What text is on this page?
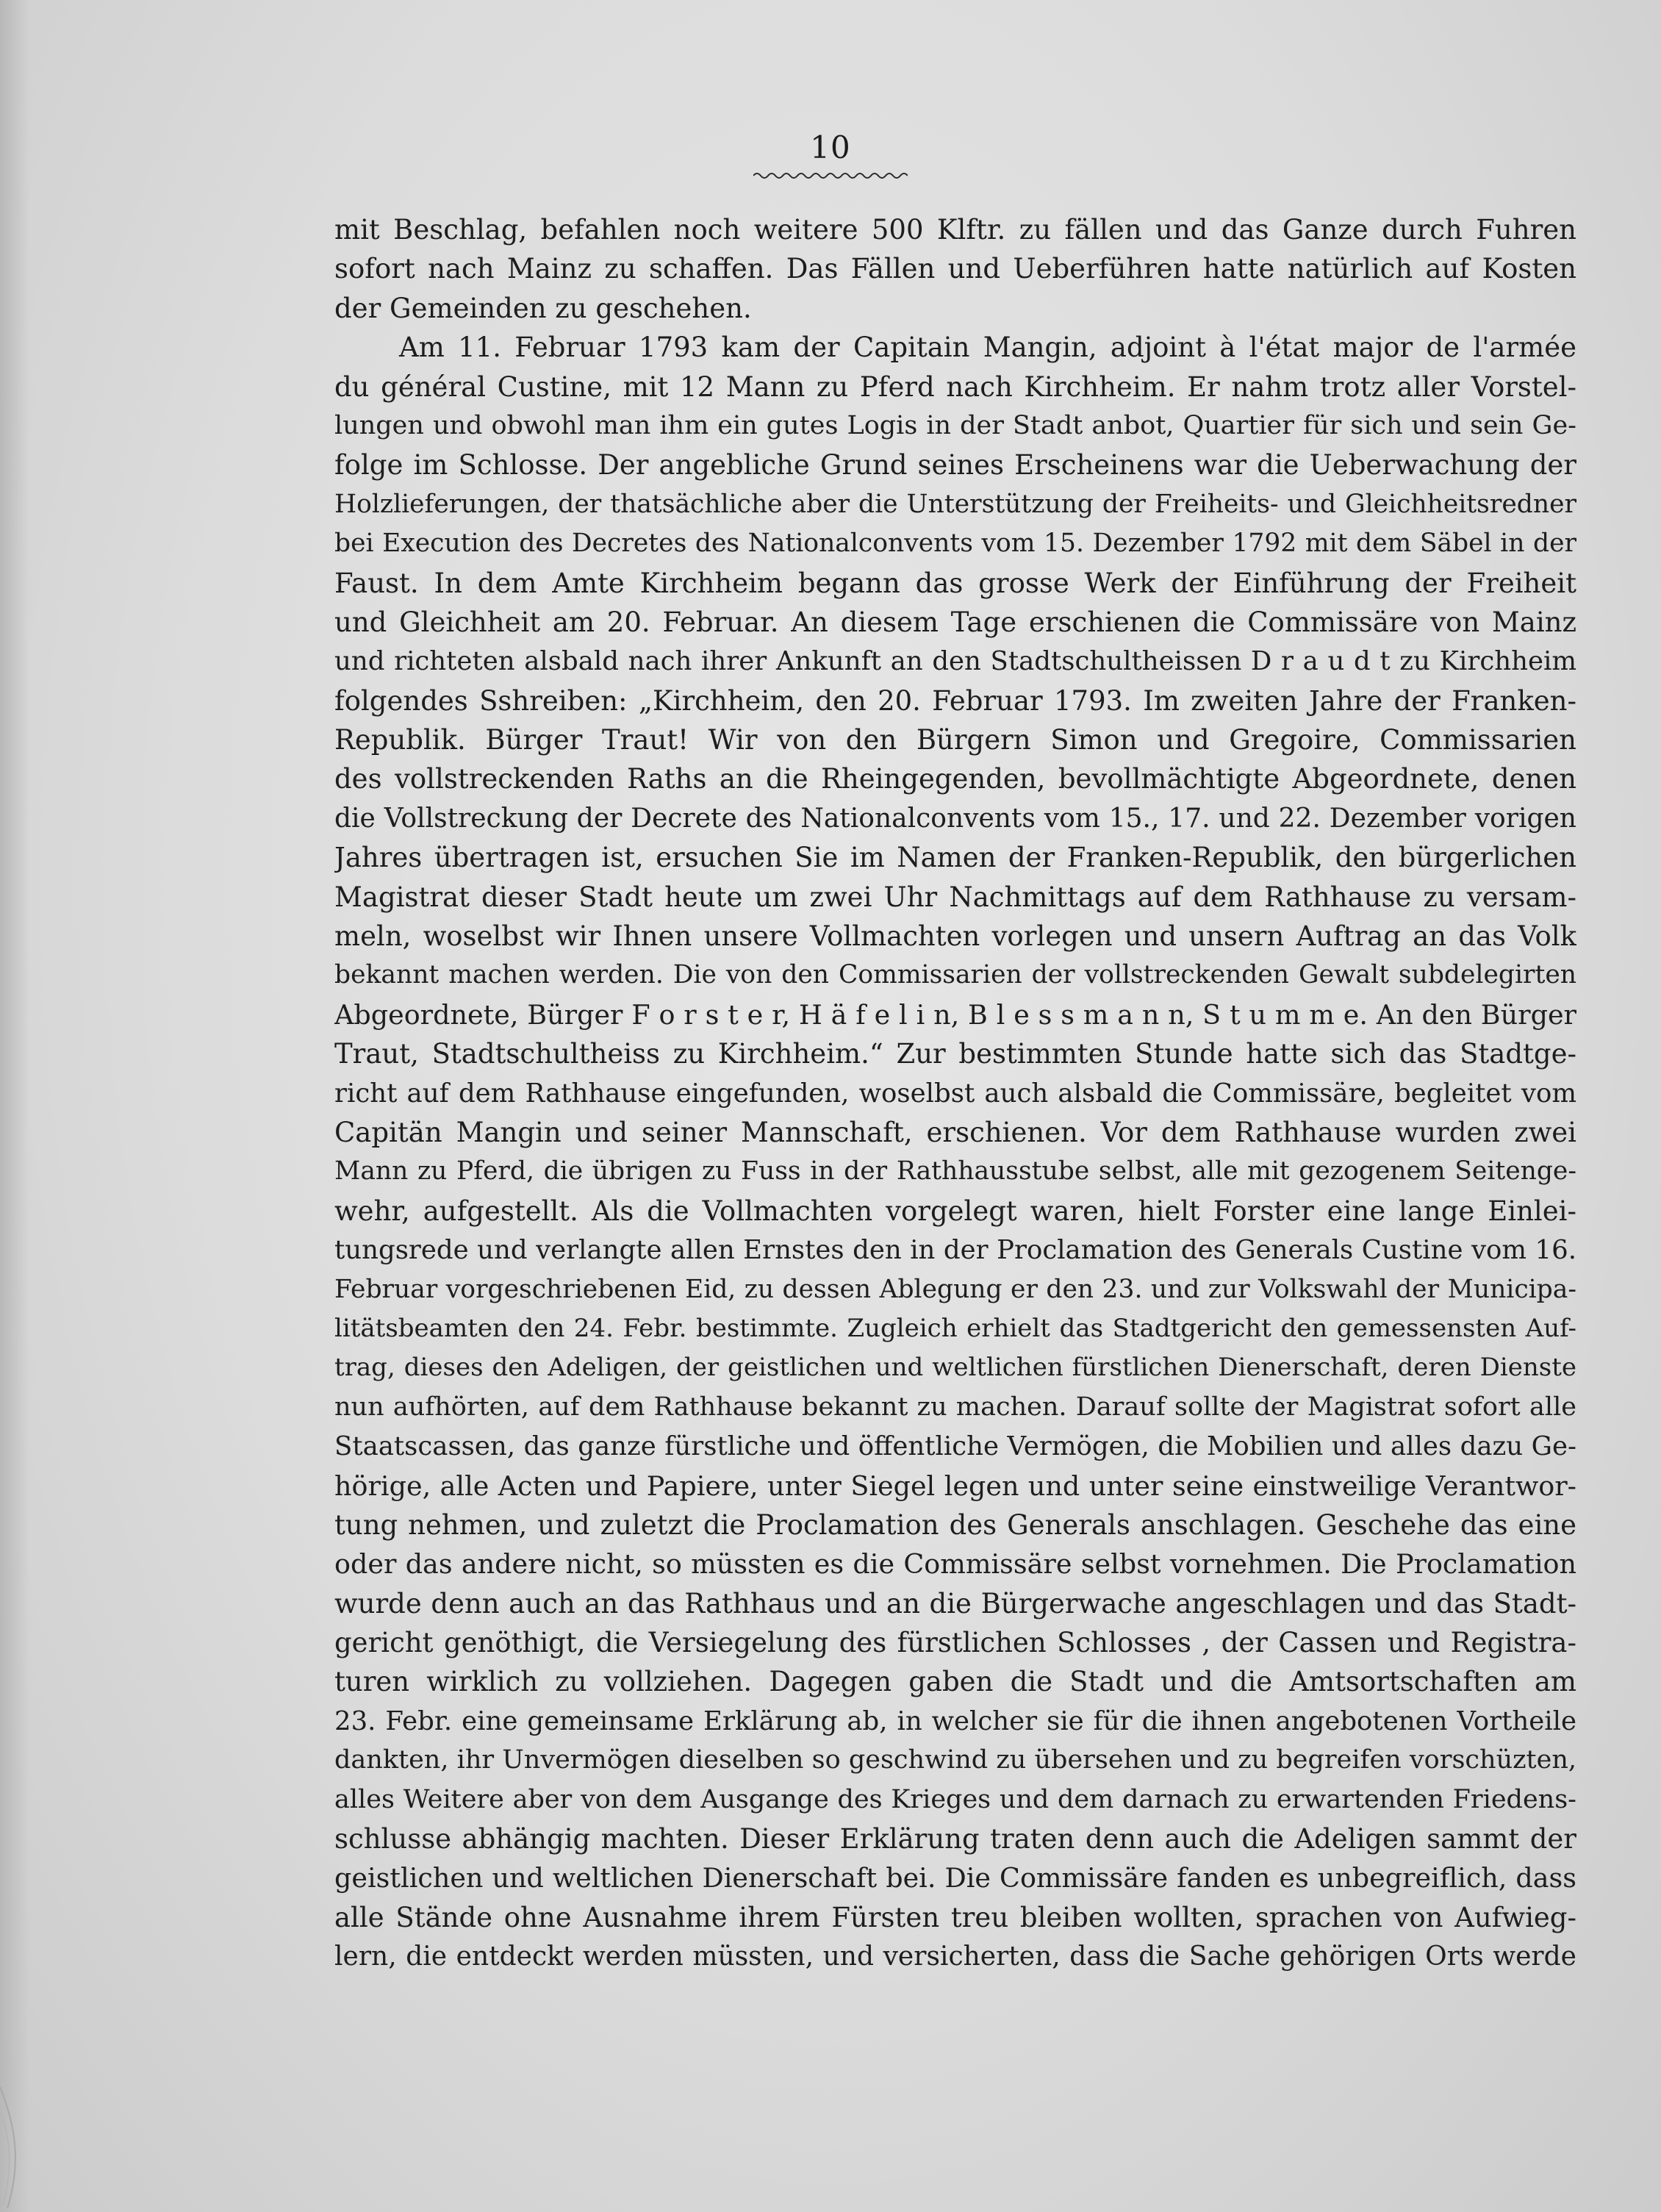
10
mit Beschlag, befahlen noch weitere 500 Klftr. zu fällen und das Ganze durch Fuhren
sofort nach Mainz zu schaffen. Das Fällen und Ueberführen hatte natürlich auf Kosten
der Gemeinden zu geschehen.
Am 11. Februar 1793 kam der Capitain Mangin, adjoint à l'état major de l'armée
du général Custine, mit 12 Mann zu Pferd nach Kirchheim. Er nahm trotz aller Vorstel-
lungen und obwohl man ihm ein gutes Logis in der Stadt anbot, Quartier für sich und sein Ge-
folge im Schlosse. Der angebliche Grund seines Erscheinens war die Ueberwachung der
Holzlieferungen, der thatsächliche aber die Unterstützung der Freiheits- und Gleichheitsredner
bei Execution des Decretes des Nationalconvents vom 15. Dezember 1792 mit dem Säbel in der
Faust. In dem Amte Kirchheim begann das grosse Werk der Einführung der Freiheit
und Gleichheit am 20. Februar. An diesem Tage erschienen die Commissäre von Mainz
und richteten alsbald nach ihrer Ankunft an den Stadtschultheissen D r a u d t zu Kirchheim
folgendes Sshreiben: „Kirchheim, den 20. Februar 1793. Im zweiten Jahre der Franken-
Republik. Bürger Traut! Wir von den Bürgern Simon und Gregoire, Commissarien
des vollstreckenden Raths an die Rheingegenden, bevollmächtigte Abgeordnete, denen
die Vollstreckung der Decrete des Nationalconvents vom 15., 17. und 22. Dezember vorigen
Jahres übertragen ist, ersuchen Sie im Namen der Franken-Republik, den bürgerlichen
Magistrat dieser Stadt heute um zwei Uhr Nachmittags auf dem Rathhause zu versam-
meln, woselbst wir Ihnen unsere Vollmachten vorlegen und unsern Auftrag an das Volk
bekannt machen werden. Die von den Commissarien der vollstreckenden Gewalt subdelegirten
Abgeordnete, Bürger F o r s t e r, H ä f e l i n, B l e s s m a n n, S t u m m e. An den Bürger
Traut, Stadtschultheiss zu Kirchheim.“ Zur bestimmten Stunde hatte sich das Stadtge-
richt auf dem Rathhause eingefunden, woselbst auch alsbald die Commissäre, begleitet vom
Capitän Mangin und seiner Mannschaft, erschienen. Vor dem Rathhause wurden zwei
Mann zu Pferd, die übrigen zu Fuss in der Rathhausstube selbst, alle mit gezogenem Seitenge-
wehr, aufgestellt. Als die Vollmachten vorgelegt waren, hielt Forster eine lange Einlei-
tungsrede und verlangte allen Ernstes den in der Proclamation des Generals Custine vom 16.
Februar vorgeschriebenen Eid, zu dessen Ablegung er den 23. und zur Volkswahl der Municipa-
litätsbeamten den 24. Febr. bestimmte. Zugleich erhielt das Stadtgericht den gemessensten Auf-
trag, dieses den Adeligen, der geistlichen und weltlichen fürstlichen Dienerschaft, deren Dienste
nun aufhörten, auf dem Rathhause bekannt zu machen. Darauf sollte der Magistrat sofort alle
Staatscassen, das ganze fürstliche und öffentliche Vermögen, die Mobilien und alles dazu Ge-
hörige, alle Acten und Papiere, unter Siegel legen und unter seine einstweilige Verantwor-
tung nehmen, und zuletzt die Proclamation des Generals anschlagen. Geschehe das eine
oder das andere nicht, so müssten es die Commissäre selbst vornehmen. Die Proclamation
wurde denn auch an das Rathhaus und an die Bürgerwache angeschlagen und das Stadt-
gericht genöthigt, die Versiegelung des fürstlichen Schlosses , der Cassen und Registra-
turen wirklich zu vollziehen. Dagegen gaben die Stadt und die Amtsortschaften am
23. Febr. eine gemeinsame Erklärung ab, in welcher sie für die ihnen angebotenen Vortheile
dankten, ihr Unvermögen dieselben so geschwind zu übersehen und zu begreifen vorschüzten,
alles Weitere aber von dem Ausgange des Krieges und dem darnach zu erwartenden Friedens-
schlusse abhängig machten. Dieser Erklärung traten denn auch die Adeligen sammt der
geistlichen und weltlichen Dienerschaft bei. Die Commissäre fanden es unbegreiflich, dass
alle Stände ohne Ausnahme ihrem Fürsten treu bleiben wollten, sprachen von Aufwieg-
lern, die entdeckt werden müssten, und versicherten, dass die Sache gehörigen Orts werde
